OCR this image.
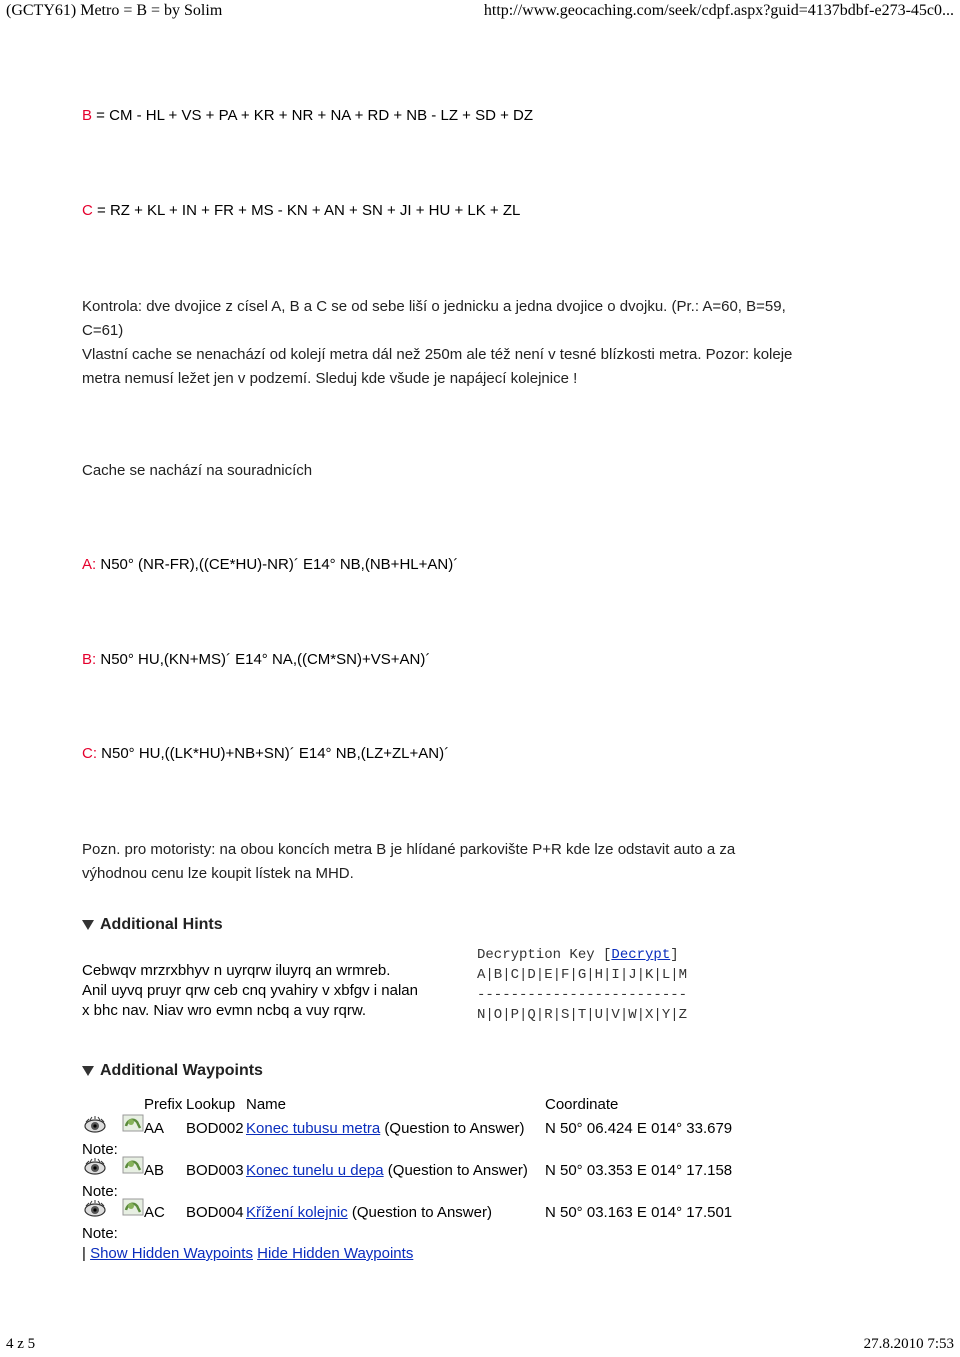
(GCTY61) Metro = B = by Solim	http://www.geocaching.com/seek/cdpf.aspx?guid=4137bdbf-e273-45c0...
B = CM - HL + VS + PA + KR + NR + NA + RD + NB - LZ + SD + DZ
C = RZ + KL + IN + FR + MS - KN + AN + SN + JI + HU + LK + ZL
Kontrola: dve dvojice z císel A, B a C se od sebe liší o jednicku a jedna dvojice o dvojku. (Pr.: A=60, B=59,
C=61)
Vlastní cache se nenachází od kolejí metra dál než 250m ale též není v tesné blízkosti metra. Pozor: koleje
metra nemusí ležet jen v podzemí. Sleduj kde všude je napájecí kolejnice !
Cache se nachází na souradnicích
A: N50° (NR-FR),((CE*HU)-NR)´ E14° NB,(NB+HL+AN)´
B: N50° HU,(KN+MS)´ E14° NA,((CM*SN)+VS+AN)´
C: N50° HU,((LK*HU)+NB+SN)´ E14° NB,(LZ+ZL+AN)´
Pozn. pro motoristy: na obou koncích metra B je hlídané parkovište P+R kde lze odstavit auto a za
výhodnou cenu lze koupit lístek na MHD.
Additional Hints
Cebwqv mrzrxbhyv n uyrqrw iluyrq an wrmreb.
Anil uyvq pruyr qrw ceb cnq yvahiry v xbfgv i nalan
x bhc nav. Niav wro evmn ncbq a vuy rqrw.
Decryption Key [Decrypt]
A|B|C|D|E|F|G|H|I|J|K|L|M
-------------------------
N|O|P|Q|R|S|T|U|V|W|X|Y|Z
Additional Waypoints
Prefix Lookup Name	Coordinate
AA BOD002 Konec tubusu metra (Question to Answer) N 50° 06.424 E 014° 33.679
Note:
AB BOD003 Konec tunelu u depa (Question to Answer) N 50° 03.353 E 014° 17.158
Note:
AC BOD004 Křížení kolejnic (Question to Answer)	N 50° 03.163 E 014° 17.501
Note:
| Show Hidden Waypoints Hide Hidden Waypoints
4 z 5	27.8.2010 7:53
